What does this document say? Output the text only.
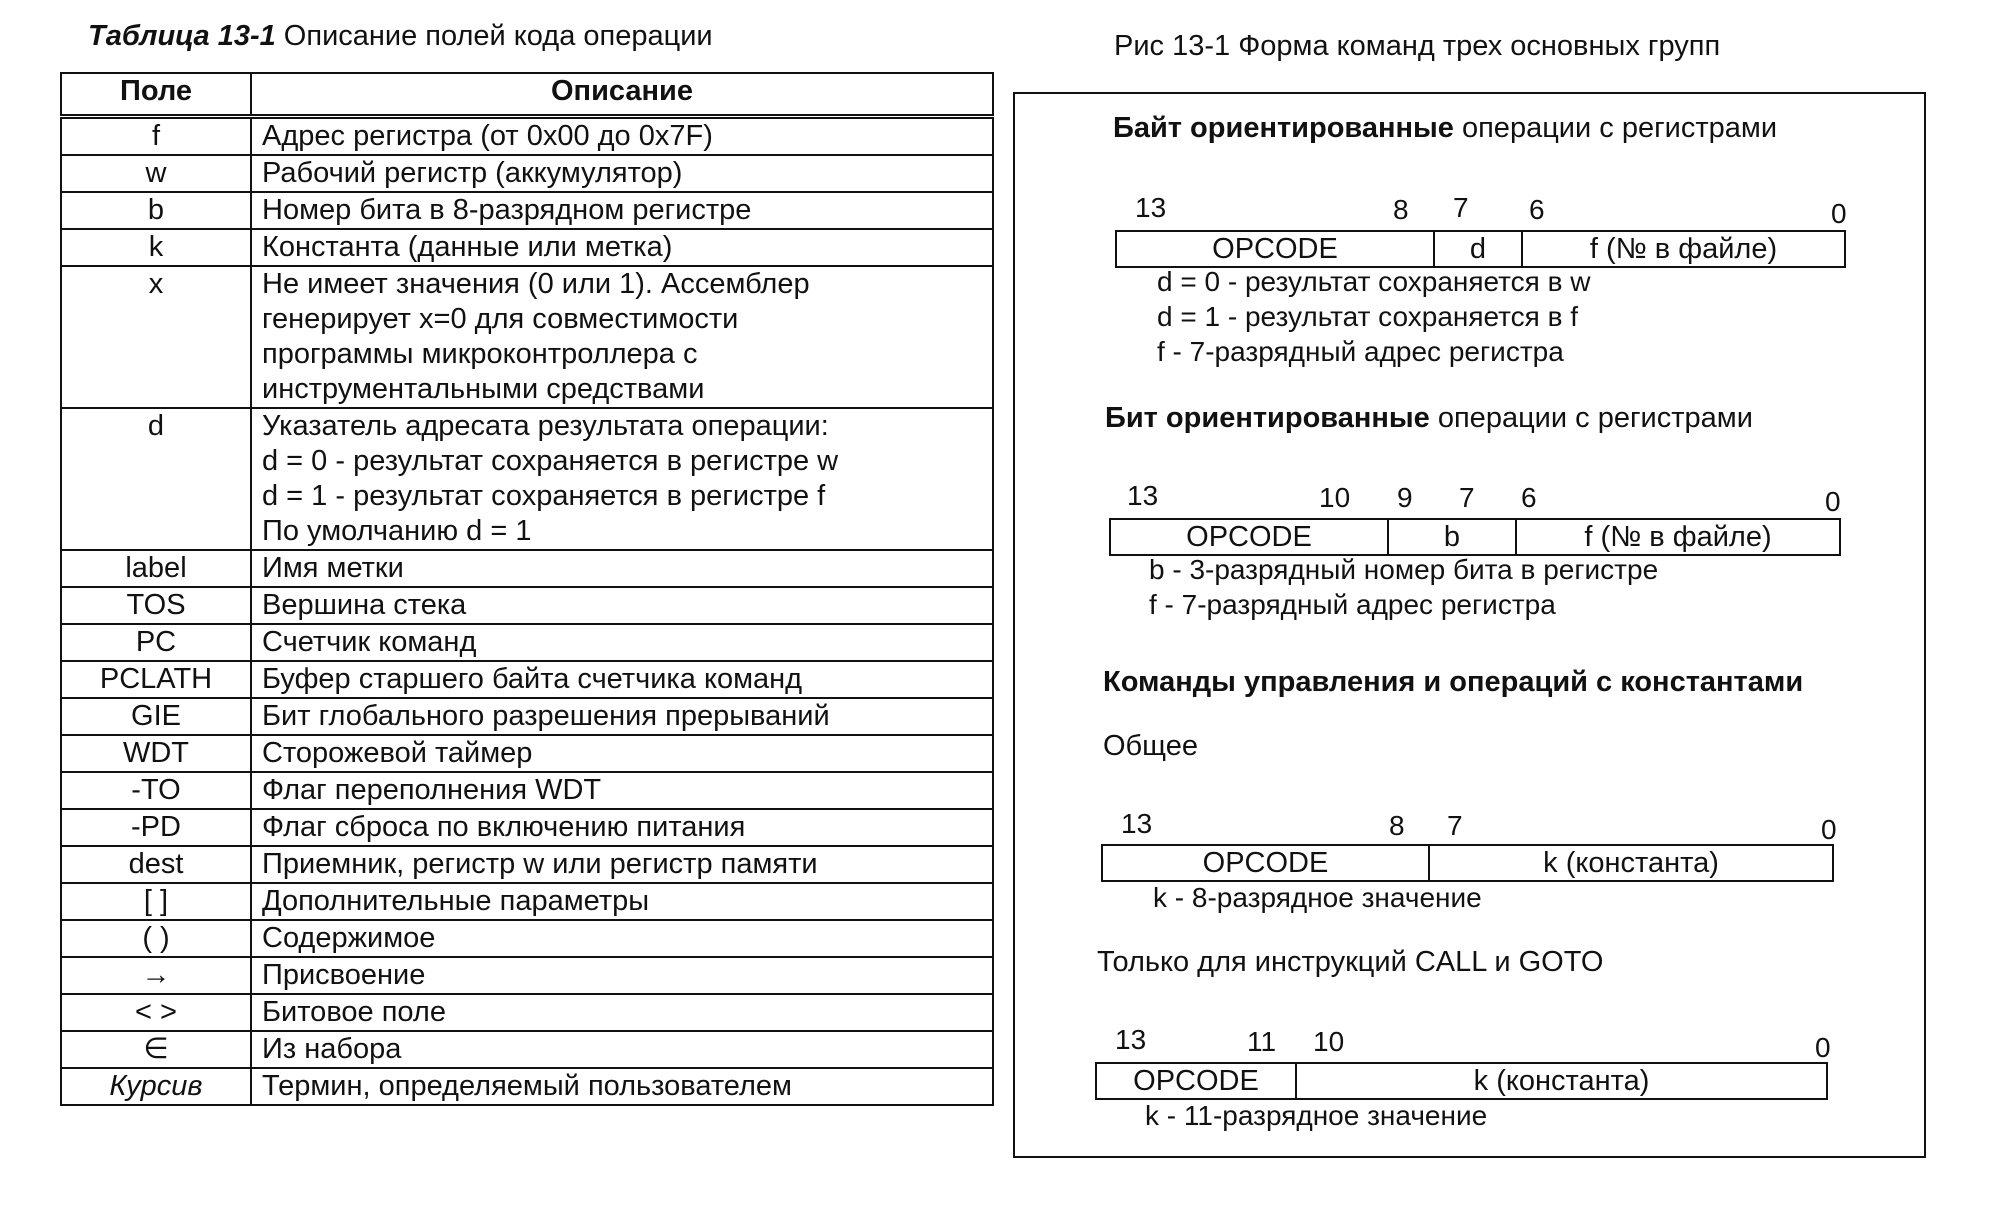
Таблица 13-1 Описание полей кода операции
Поле	Описание
f	Адрес регистра (от 0x00 до 0x7F)
w	Рабочий регистр (аккумулятор)
b	Номер бита в 8-разрядном регистре
k	Константа (данные или метка)
x	Не имеет значения (0 или 1). Ассемблер
генерирует x=0 для совместимости
программы микроконтроллера с
инструментальными средствами
d	Указатель адресата результата операции:
d = 0 - результат сохраняется в регистре w
d = 1 - результат сохраняется в регистре f
По умолчанию d = 1
label	Имя метки
TOS	Вершина стека
PC	Счетчик команд
PCLATH	Буфер старшего байта счетчика команд
GIE	Бит глобального разрешения прерываний
WDT	Сторожевой таймер
-TO	Флаг переполнения WDT
-PD	Флаг сброса по включению питания
dest	Приемник, регистр w или регистр памяти
[ ]	Дополнительные параметры
( )	Содержимое
→	Присвоение
< >	Битовое поле
∈	Из набора
Курсив	Термин, определяемый пользователем
Рис 13-1 Форма команд трех основных групп
Байт ориентированные операции с регистрами
13	8 7 6	0
OPCODE	d	f (№ в файле)
d = 0 - результат сохраняется в w
d = 1 - результат сохраняется в f
f - 7-разрядный адрес регистра
Бит ориентированные операции с регистрами
13	10 9 7 6	0
OPCODE	b	f (№ в файле)
b - 3-разрядный номер бита в регистре
f - 7-разрядный адрес регистра
Команды управления и операций с константами
Общее
13	8 7	0
OPCODE	k (константа)
k - 8-разрядное значение
Только для инструкций CALL и GOTO
13	11 10	0
OPCODE	k (константа)
k - 11-разрядное значение
